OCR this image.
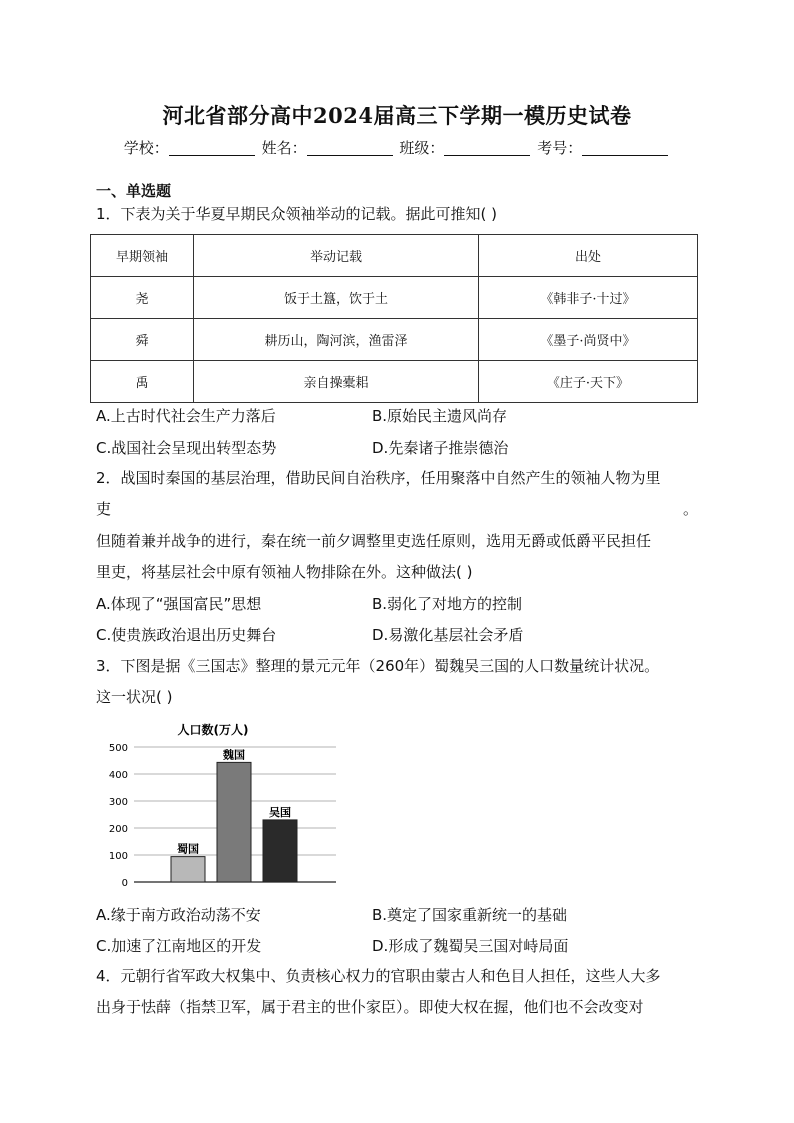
河北省部分高中2024届高三下学期一模历史试卷
学校：	姓名：	班级：	考号：
一、单选题
1．下表为关于华夏早期民众领袖举动的记载。据此可推知( )
早期领袖	举动记载	出处
尧	饭于土簋，饮于土	《韩非子·十过》
舜	耕历山，陶河滨，渔雷泽	《墨子·尚贤中》
禹	亲自操橐耜	《庄子·天下》
A.上古时代社会生产力落后	B.原始民主遗风尚存
C.战国社会呈现出转型态势	D.先秦诸子推崇德治
2．战国时秦国的基层治理，借助民间自治秩序，任用聚落中自然产生的领袖人物为里
吏	。
但随着兼并战争的进行，秦在统一前夕调整里吏选任原则，选用无爵或低爵平民担任
里吏，将基层社会中原有领袖人物排除在外。这种做法( )
A.体现了“强国富民”思想	B.弱化了对地方的控制
C.使贵族政治退出历史舞台	D.易激化基层社会矛盾
3．下图是据《三国志》整理的景元元年（260年）蜀魏吴三国的人口数量统计状况。
这一状况( )
人口数(万人)
500
400
300
200
100
0
蜀国
魏国
吴国
A.缘于南方政治动荡不安	B.奠定了国家重新统一的基础
C.加速了江南地区的开发	D.形成了魏蜀吴三国对峙局面
4．元朝行省军政大权集中、负责核心权力的官职由蒙古人和色目人担任，这些人大多
出身于怯薛（指禁卫军，属于君主的世仆家臣）。即使大权在握，他们也不会改变对
